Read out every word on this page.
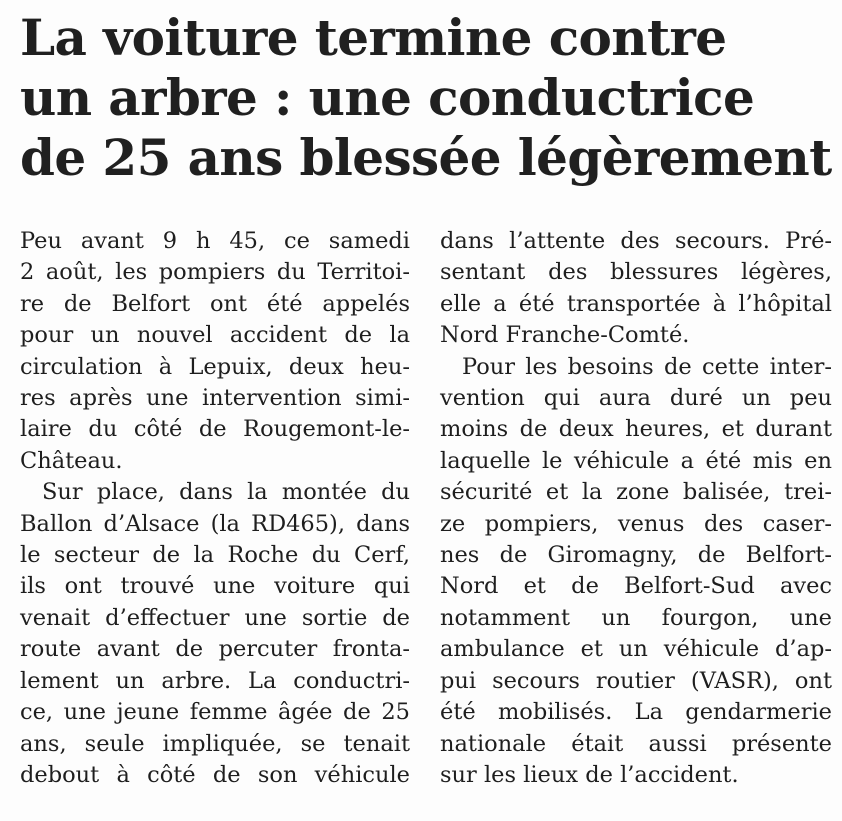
La voiture termine contre
un arbre : une conductrice
de 25 ans blessée légèrement
Peu avant 9 h 45, ce samedi
2 août, les pompiers du Territoi-
re de Belfort ont été appelés
pour un nouvel accident de la
circulation à Lepuix, deux heu-
res après une intervention simi-
laire du côté de Rougemont-le-
Château.
Sur place, dans la montée du
Ballon d’Alsace (la RD465), dans
le secteur de la Roche du Cerf,
ils ont trouvé une voiture qui
venait d’effectuer une sortie de
route avant de percuter fronta-
lement un arbre. La conductri-
ce, une jeune femme âgée de 25
ans, seule impliquée, se tenait
debout à côté de son véhicule
dans l’attente des secours. Pré-
sentant des blessures légères,
elle a été transportée à l’hôpital
Nord Franche-Comté.
Pour les besoins de cette inter-
vention qui aura duré un peu
moins de deux heures, et durant
laquelle le véhicule a été mis en
sécurité et la zone balisée, trei-
ze pompiers, venus des caser-
nes de Giromagny, de Belfort-
Nord et de Belfort-Sud avec
notamment un fourgon, une
ambulance et un véhicule d’ap-
pui secours routier (VASR), ont
été mobilisés. La gendarmerie
nationale était aussi présente
sur les lieux de l’accident.
